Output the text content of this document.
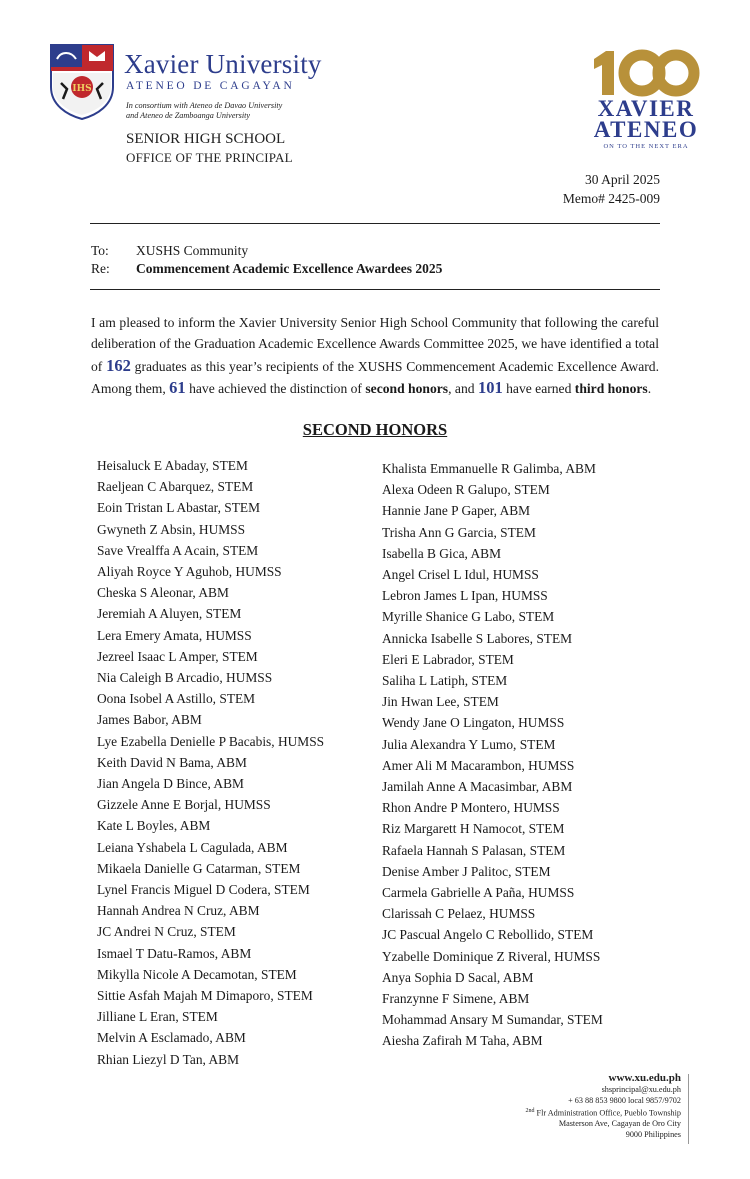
IHS
Xavier University
ATENEO DE CAGAYAN
In consortium with Ateneo de Davao University
and Ateneo de Zamboanga University
SENIOR HIGH SCHOOL
OFFICE OF THE PRINCIPAL
XAVIER
ATENEO
ON TO THE NEXT ERA
30 April 2025
Memo# 2425-009
To: XUSHS Community
Re: Commencement Academic Excellence Awardees 2025
I am pleased to inform the Xavier University Senior High School Community that following the careful deliberation of the Graduation Academic Excellence Awards Committee 2025, we have identified a total of 162 graduates as this year’s recipients of the XUSHS Commencement Academic Excellence Award. Among them, 61 have achieved the distinction of second honors, and 101 have earned third honors.
SECOND HONORS
Heisaluck E Abaday, STEM
Raeljean C Abarquez, STEM
Eoin Tristan L Abastar, STEM
Gwyneth Z Absin, HUMSS
Save Vrealffa A Acain, STEM
Aliyah Royce Y Aguhob, HUMSS
Cheska S Aleonar, ABM
Jeremiah A Aluyen, STEM
Lera Emery Amata, HUMSS
Jezreel Isaac L Amper, STEM
Nia Caleigh B Arcadio, HUMSS
Oona Isobel A Astillo, STEM
James Babor, ABM
Lye Ezabella Denielle P Bacabis, HUMSS
Keith David N Bama, ABM
Jian Angela D Bince, ABM
Gizzele Anne E Borjal, HUMSS
Kate L Boyles, ABM
Leiana Yshabela L Cagulada, ABM
Mikaela Danielle G Catarman, STEM
Lynel Francis Miguel D Codera, STEM
Hannah Andrea N Cruz, ABM
JC Andrei N Cruz, STEM
Ismael T Datu-Ramos, ABM
Mikylla Nicole A Decamotan, STEM
Sittie Asfah Majah M Dimaporo, STEM
Jilliane L Eran, STEM
Melvin A Esclamado, ABM
Rhian Liezyl D Tan, ABM
Khalista Emmanuelle R Galimba, ABM
Alexa Odeen R Galupo, STEM
Hannie Jane P Gaper, ABM
Trisha Ann G Garcia, STEM
Isabella B Gica, ABM
Angel Crisel L Idul, HUMSS
Lebron James L Ipan, HUMSS
Myrille Shanice G Labo, STEM
Annicka Isabelle S Labores, STEM
Eleri E Labrador, STEM
Saliha L Latiph, STEM
Jin Hwan Lee, STEM
Wendy Jane O Lingaton, HUMSS
Julia Alexandra Y Lumo, STEM
Amer Ali M Macarambon, HUMSS
Jamilah Anne A Macasimbar, ABM
Rhon Andre P Montero, HUMSS
Riz Margarett H Namocot, STEM
Rafaela Hannah S Palasan, STEM
Denise Amber J Palitoc, STEM
Carmela Gabrielle A Paña, HUMSS
Clarissah C Pelaez, HUMSS
JC Pascual Angelo C Rebollido, STEM
Yzabelle Dominique Z Riveral, HUMSS
Anya Sophia D Sacal, ABM
Franzynne F Simene, ABM
Mohammad Ansary M Sumandar, STEM
Aiesha Zafirah M Taha, ABM
www.xu.edu.ph
shsprincipal@xu.edu.ph
+ 63 88 853 9800 local 9857/9702
$^{2nd}$ Flr Administration Office, Pueblo Township
Masterson Ave, Cagayan de Oro City
9000 Philippines
